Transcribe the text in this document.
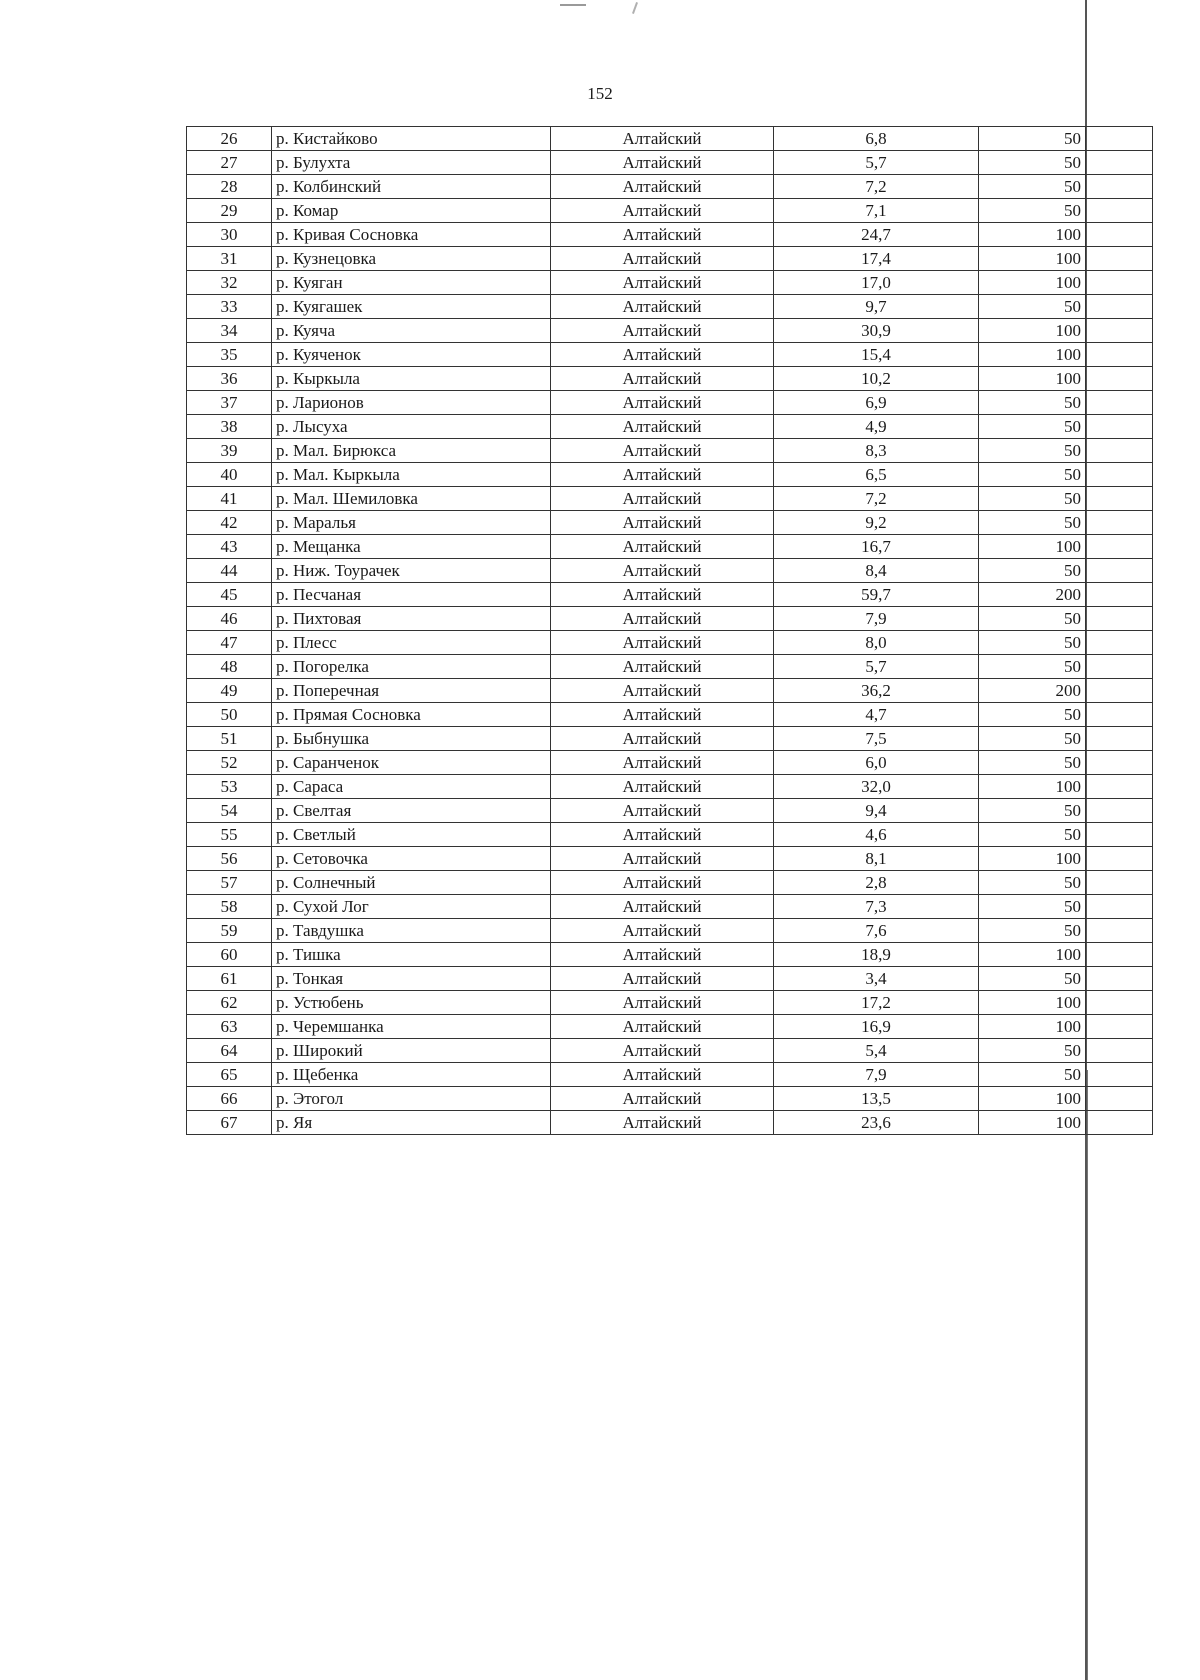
152
26	р. Кистайково	Алтайский	6,8	50	
27	р. Булухта	Алтайский	5,7	50	
28	р. Колбинский	Алтайский	7,2	50	
29	р. Комар	Алтайский	7,1	50	
30	р. Кривая Сосновка	Алтайский	24,7	100	
31	р. Кузнецовка	Алтайский	17,4	100	
32	р. Куяган	Алтайский	17,0	100	
33	р. Куягашек	Алтайский	9,7	50	
34	р. Куяча	Алтайский	30,9	100	
35	р. Куяченок	Алтайский	15,4	100	
36	р. Кыркыла	Алтайский	10,2	100	
37	р. Ларионов	Алтайский	6,9	50	
38	р. Лысуха	Алтайский	4,9	50	
39	р. Мал. Бирюкса	Алтайский	8,3	50	
40	р. Мал. Кыркыла	Алтайский	6,5	50	
41	р. Мал. Шемиловка	Алтайский	7,2	50	
42	р. Маралья	Алтайский	9,2	50	
43	р. Мещанка	Алтайский	16,7	100	
44	р. Ниж. Тоурачек	Алтайский	8,4	50	
45	р. Песчаная	Алтайский	59,7	200	
46	р. Пихтовая	Алтайский	7,9	50	
47	р. Плесс	Алтайский	8,0	50	
48	р. Погорелка	Алтайский	5,7	50	
49	р. Поперечная	Алтайский	36,2	200	
50	р. Прямая Сосновка	Алтайский	4,7	50	
51	р. Быбнушка	Алтайский	7,5	50	
52	р. Саранченок	Алтайский	6,0	50	
53	р. Сараса	Алтайский	32,0	100	
54	р. Свелтая	Алтайский	9,4	50	
55	р. Светлый	Алтайский	4,6	50	
56	р. Сетовочка	Алтайский	8,1	100	
57	р. Солнечный	Алтайский	2,8	50	
58	р. Сухой Лог	Алтайский	7,3	50	
59	р. Тавдушка	Алтайский	7,6	50	
60	р. Тишка	Алтайский	18,9	100	
61	р. Тонкая	Алтайский	3,4	50	
62	р. Устюбень	Алтайский	17,2	100	
63	р. Черемшанка	Алтайский	16,9	100	
64	р. Широкий	Алтайский	5,4	50	
65	р. Щебенка	Алтайский	7,9	50	
66	р. Этогол	Алтайский	13,5	100	
67	р. Яя	Алтайский	23,6	100	
